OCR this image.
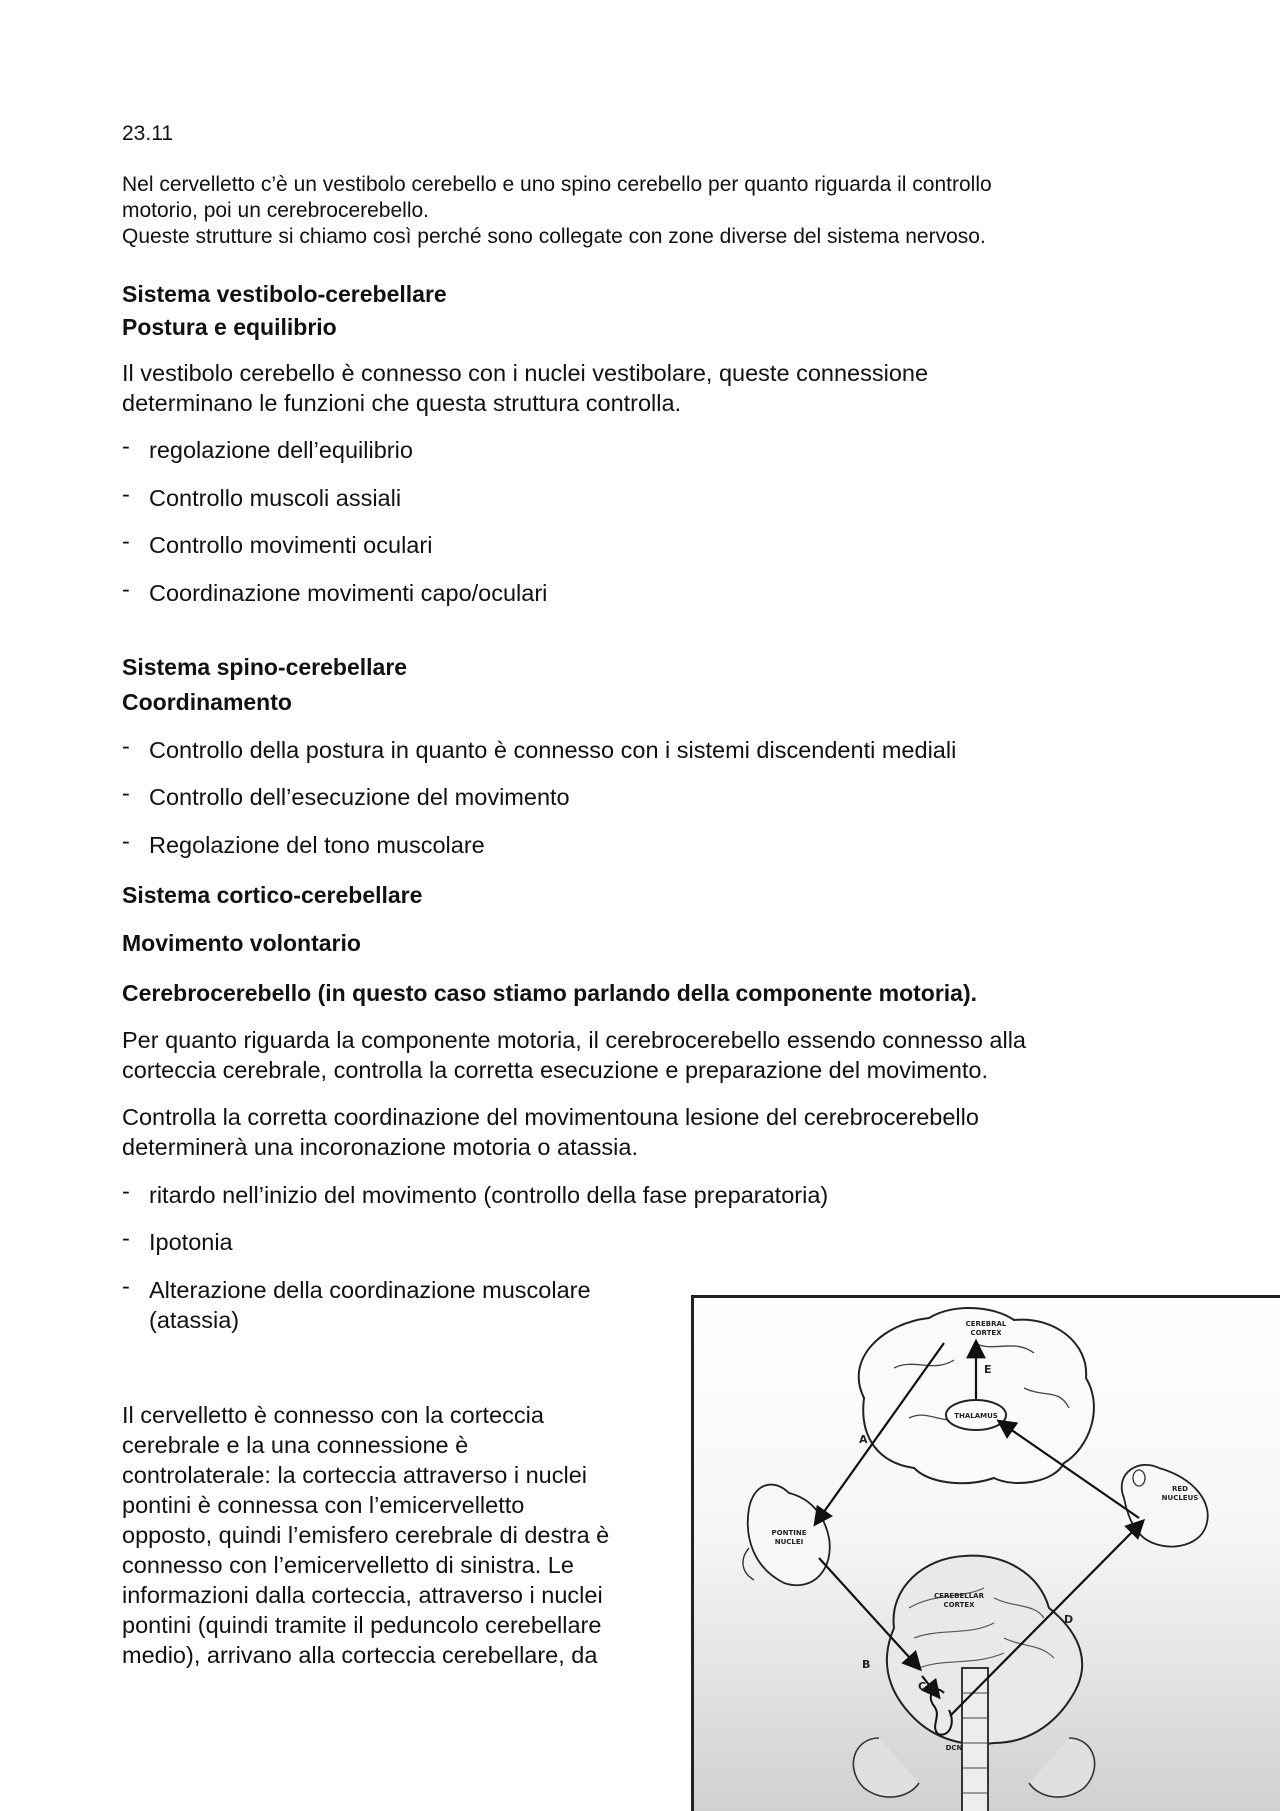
23.11

Nel cervelletto c’è un vestibolo cerebello e uno spino cerebello per quanto riguarda il controllo
motorio, poi un cerebrocerebello.
Queste strutture si chiamo così perché sono collegate con zone diverse del sistema nervoso.

Sistema vestibolo-cerebellare

Postura e equilibrio

Il vestibolo cerebello è connesso con i nuclei vestibolare, queste connessione
determinano le funzioni che questa struttura controlla.
- regolazione dell’equilibrio
- Controllo muscoli assiali
- Controllo movimenti oculari
- Coordinazione movimenti capo/oculari

Sistema spino-cerebellare

Coordinamento

- Controllo della postura in quanto è connesso con i sistemi discendenti mediali
- Controllo dell’esecuzione del movimento
- Regolazione del tono muscolare

Sistema cortico-cerebellare

Movimento volontario

Cerebrocerebello (in questo caso stiamo parlando della componente motoria).

Per quanto riguarda la componente motoria, il cerebrocerebello essendo connesso alla
corteccia cerebrale, controlla la corretta esecuzione e preparazione del movimento.
Controlla la corretta coordinazione del movimentouna lesione del cerebrocerebello
determinerà una incoronazione motoria o atassia.
- ritardo nell’inizio del movimento (controllo della fase preparatoria)
- Ipotonia
- Alterazione della coordinazione muscolare
(atassia)
Il cervelletto è connesso con la corteccia
cerebrale e la una connessione è
controlaterale: la corteccia attraverso i nuclei
pontini è connessa con l’emicervelletto
opposto, quindi l’emisfero cerebrale di destra è
connesso con l’emicervelletto di sinistra. Le
informazioni dalla corteccia, attraverso i nuclei
pontini (quindi tramite il peduncolo cerebellare
medio), arrivano alla corteccia cerebellare, da
THALAMUS
CEREBRAL
CORTEX
E
PONTINE
NUCLEI
RED
NUCLEUS
CEREBELLAR
CORTEX
DCN
A
B
C
D
